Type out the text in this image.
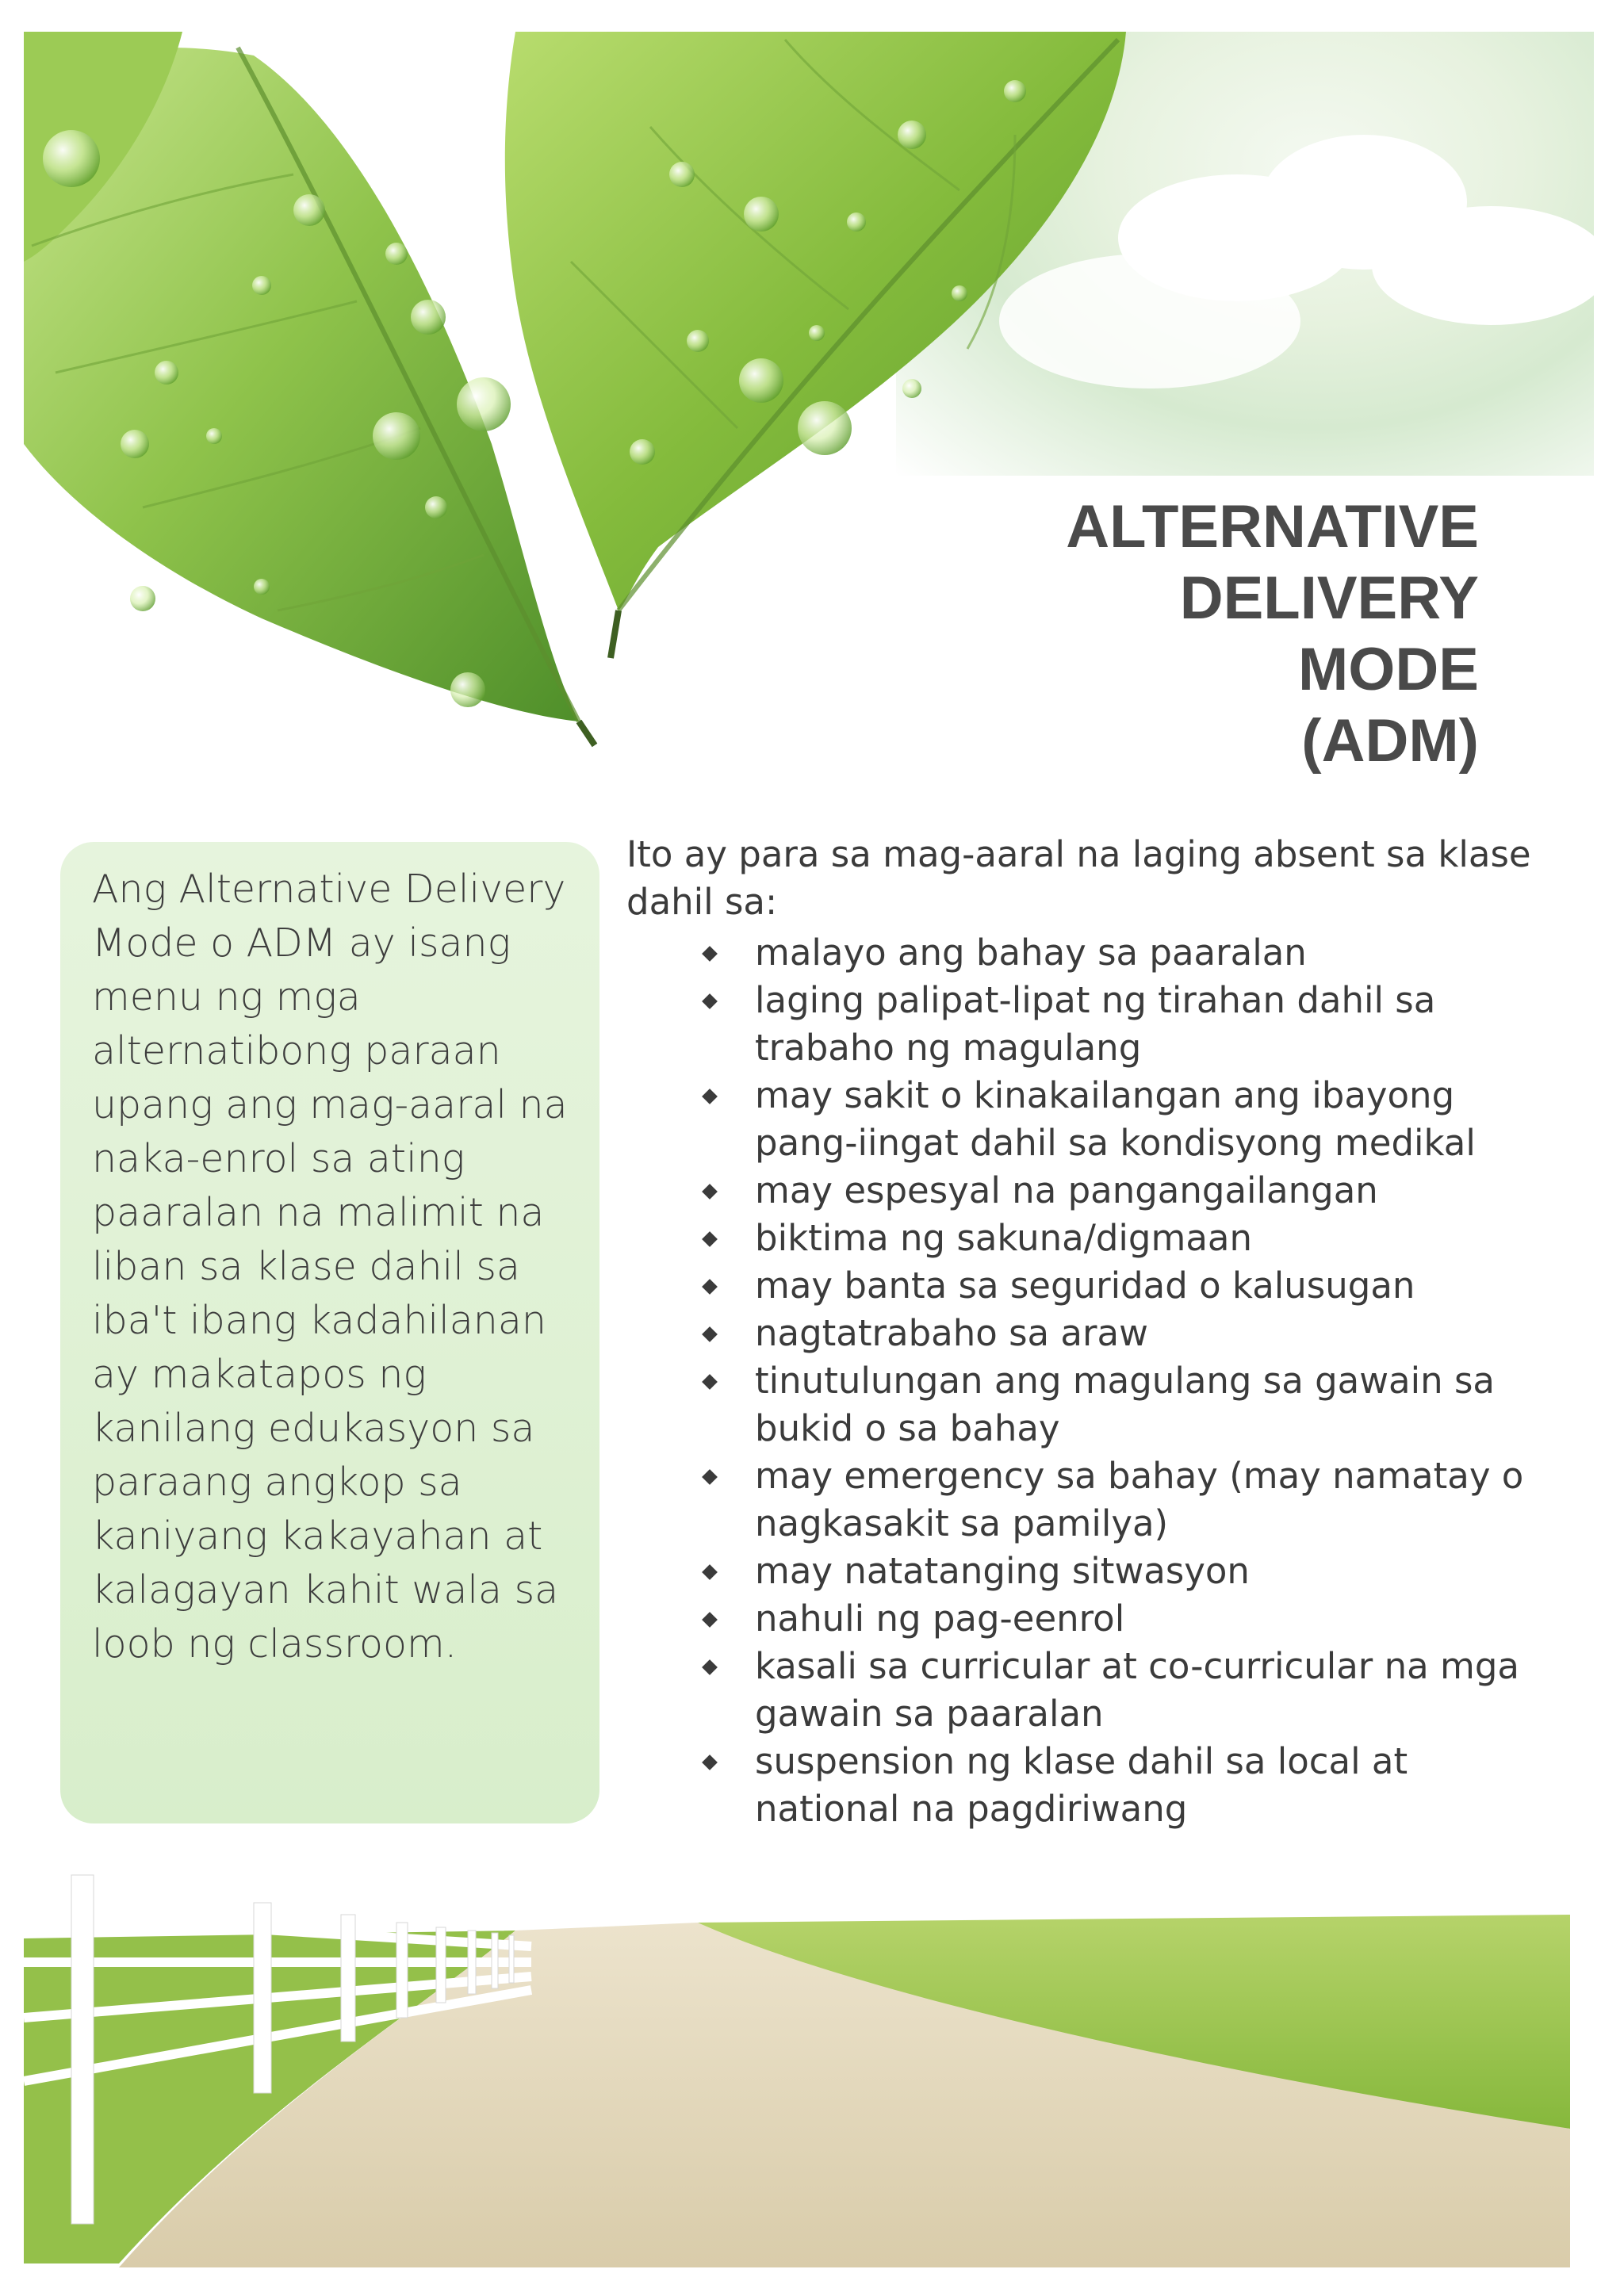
ALTERNATIVE
DELIVERY
MODE
(ADM)
Ang Alternative Delivery Mode o ADM ay isang menu ng mga alternatibong paraan upang ang mag-aaral na naka-enrol sa ating paaralan na malimit na liban sa klase dahil sa iba't ibang kadahilanan ay makatapos ng kanilang edukasyon sa paraang angkop sa kaniyang kakayahan at kalagayan kahit wala sa loob ng classroom.

Ito ay para sa mag-aaral na laging absent sa klase dahil sa:

malayo ang bahay sa paaralan
laging palipat-lipat ng tirahan dahil sa trabaho ng magulang
may sakit o kinakailangan ang ibayong pang-iingat dahil sa kondisyong medikal
may espesyal na pangangailangan
biktima ng sakuna/digmaan
may banta sa seguridad o kalusugan
nagtatrabaho sa araw
tinutulungan ang magulang sa gawain sa bukid o sa bahay
may emergency sa bahay (may namatay o nagkasakit sa pamilya)
may natatanging sitwasyon
nahuli ng pag-eenrol
kasali sa curricular at co-curricular na mga gawain sa paaralan
suspension ng klase dahil sa local at national na pagdiriwang
